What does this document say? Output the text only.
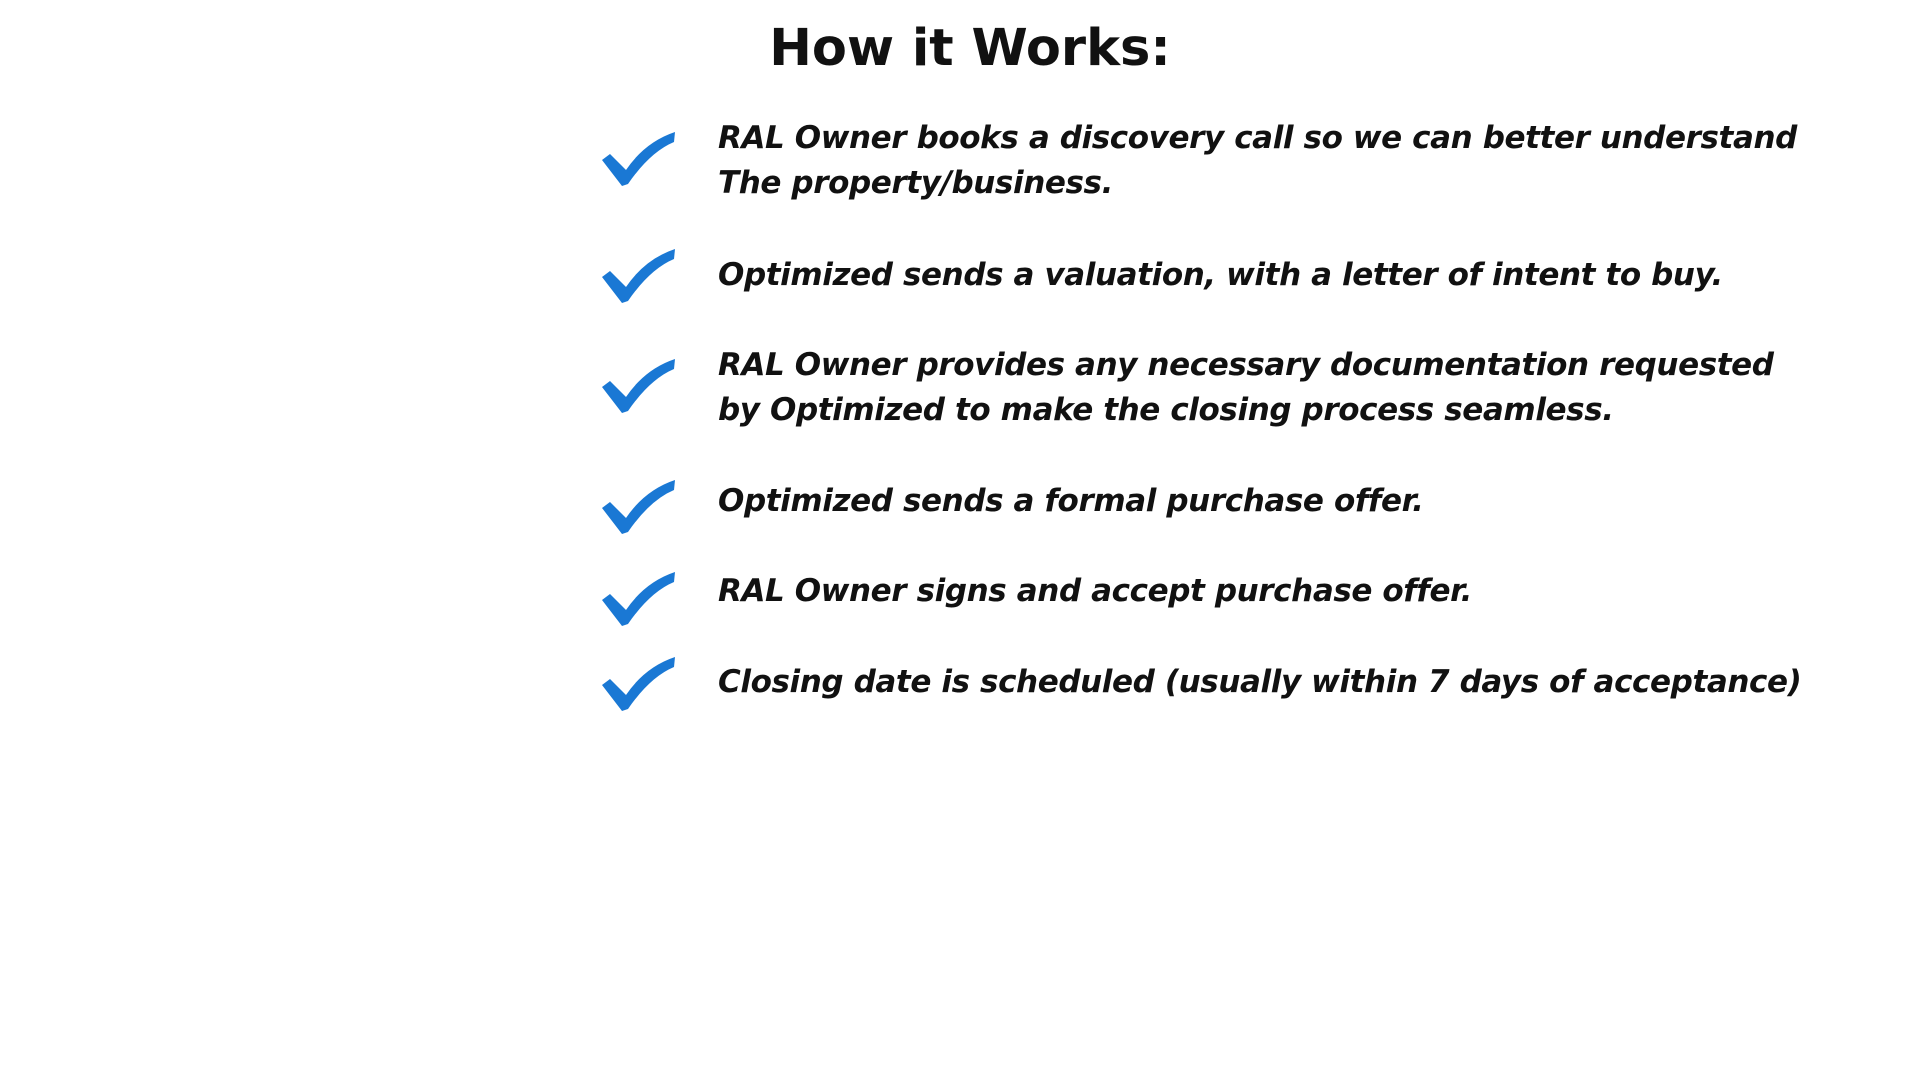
How it Works:
RAL Owner books a discovery call so we can better understand
The property/business.
Optimized sends a valuation, with a letter of intent to buy.
RAL Owner provides any necessary documentation requested
by Optimized to make the closing process seamless.
Optimized sends a formal purchase offer.
RAL Owner signs and accept purchase offer.
Closing date is scheduled (usually within 7 days of acceptance)
